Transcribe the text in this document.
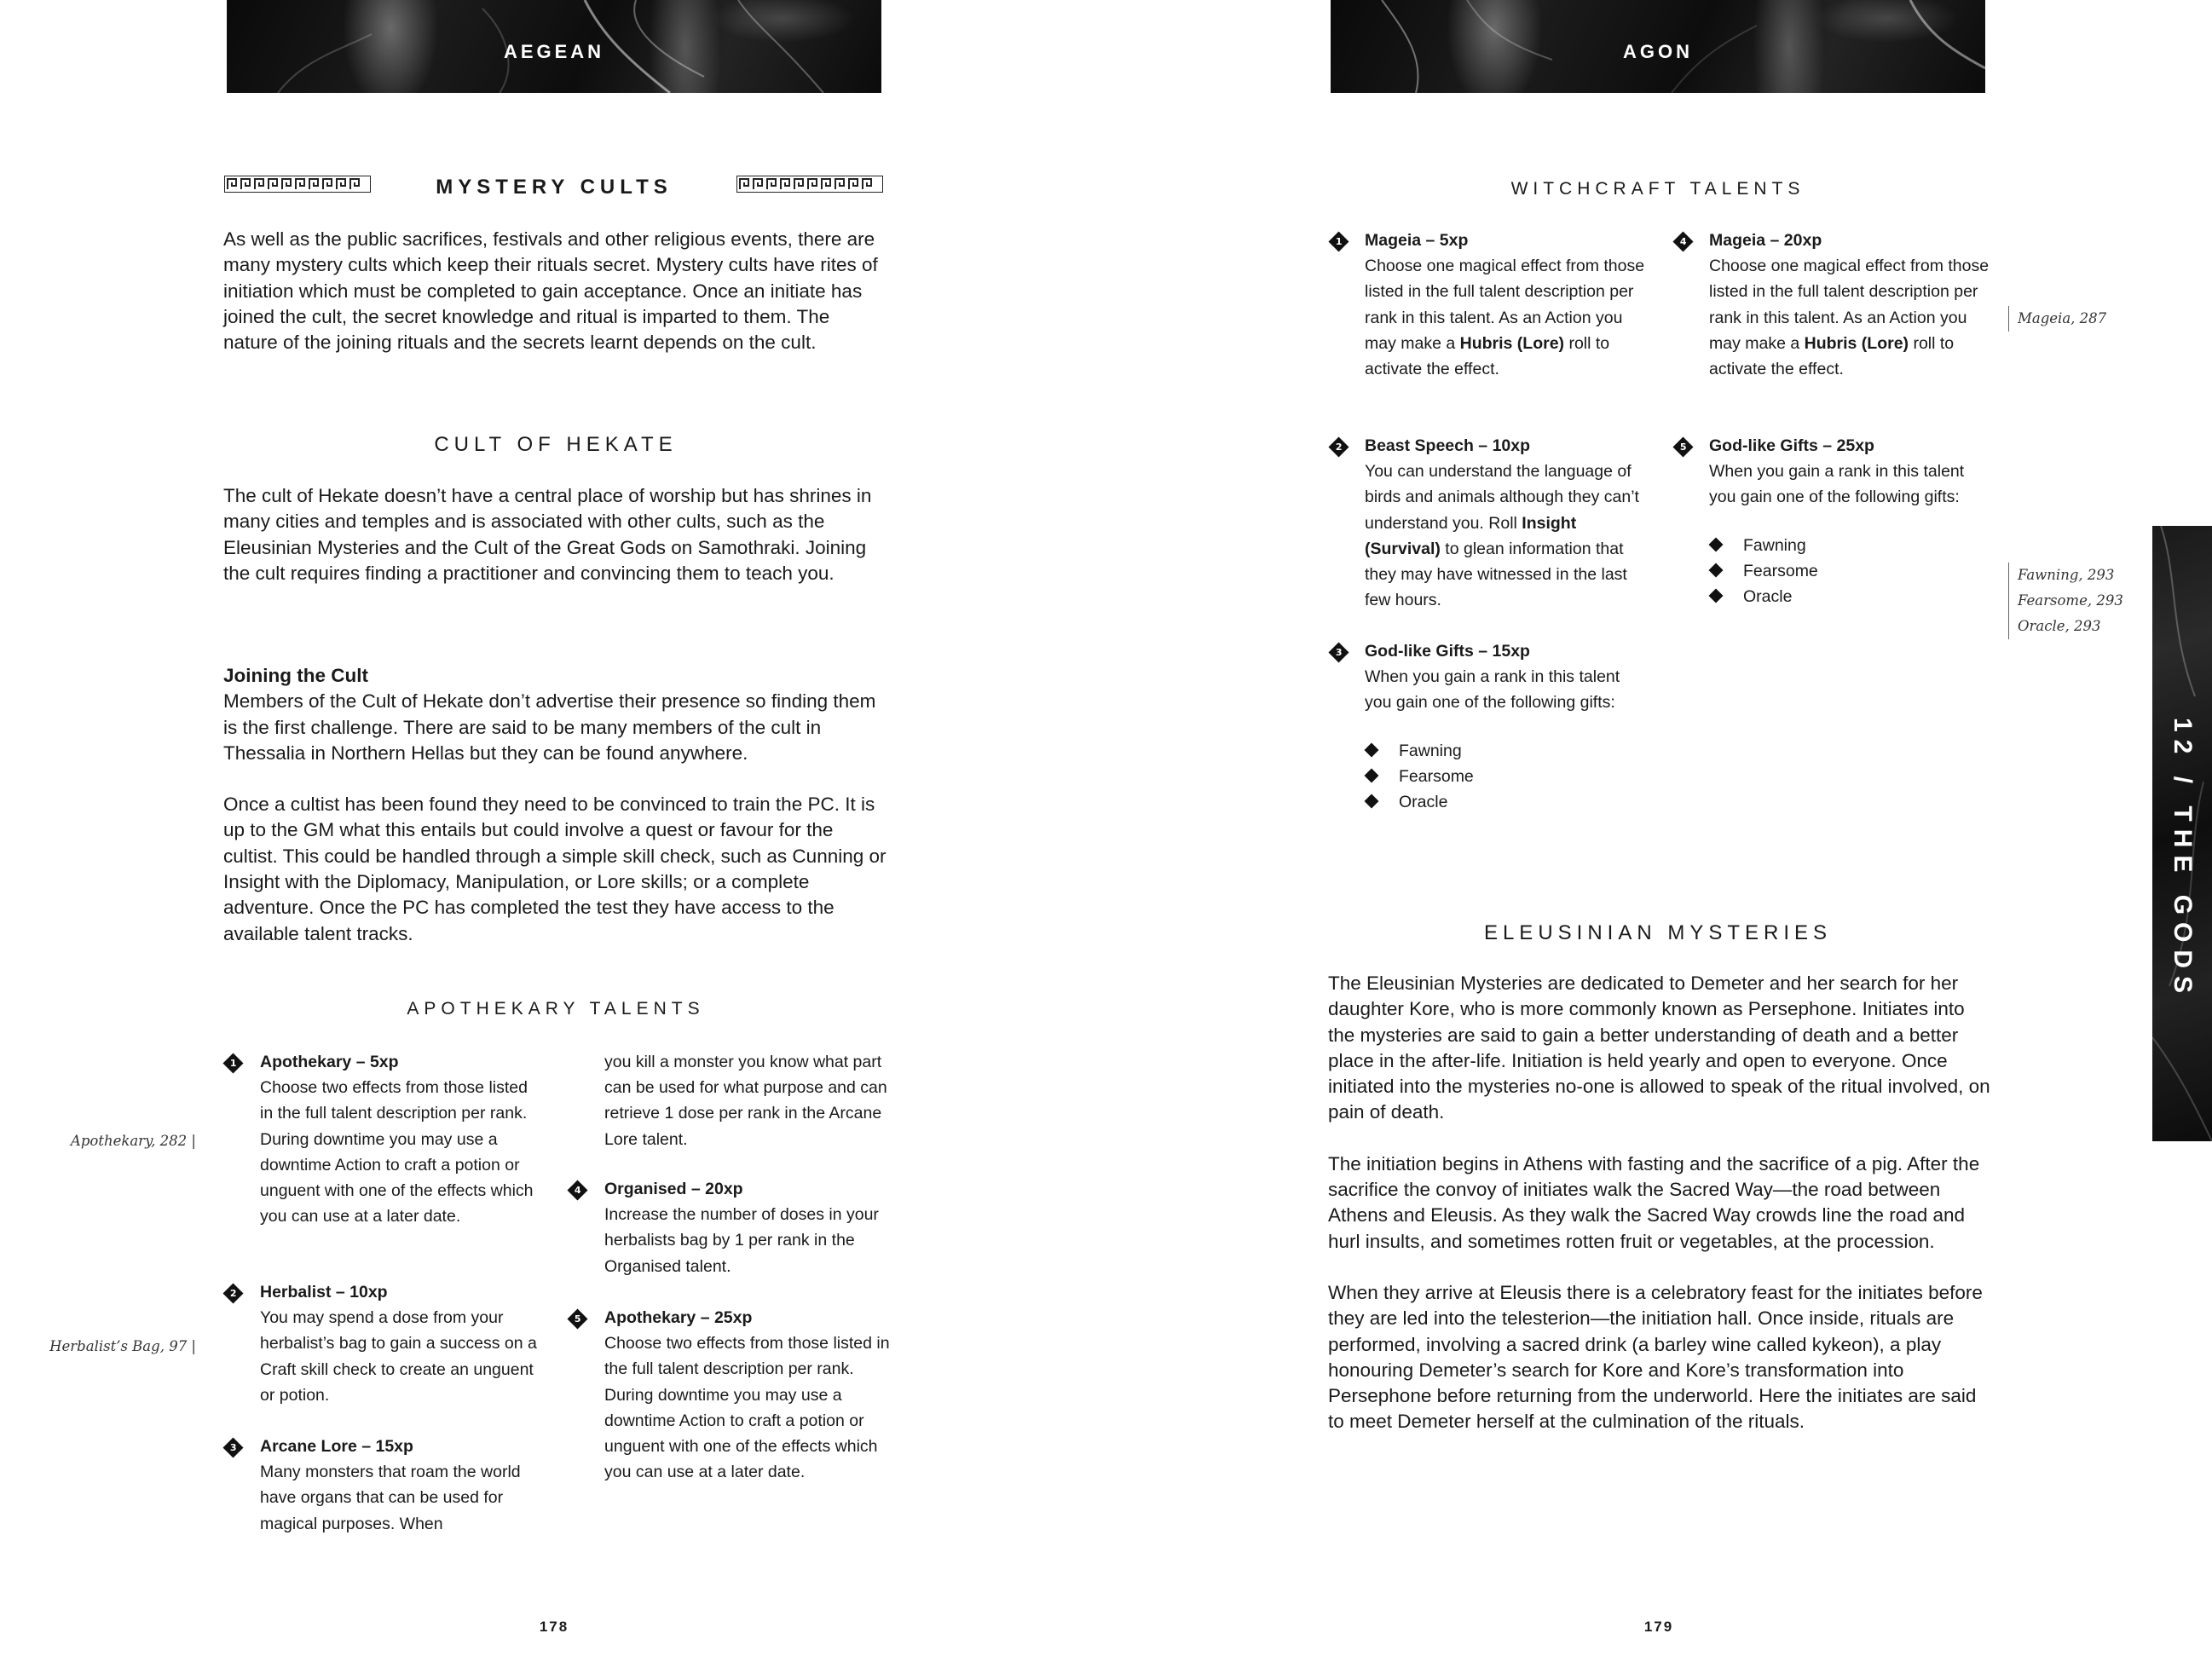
AEGEAN
MYSTERY CULTS

As well as the public sacrifices, festivals and other religious events, there are many mystery cults which keep their rituals secret. Mystery cults have rites of initiation which must be completed to gain acceptance. Once an initiate has joined the cult, the secret knowledge and ritual is imparted to them. The nature of the joining rituals and the secrets learnt depends on the cult.

CULT OF HEKATE

The cult of Hekate doesn’t have a central place of worship but has shrines in many cities and temples and is associated with other cults, such as the Eleusinian Mysteries and the Cult of the Great Gods on Samothraki. Joining the cult requires finding a practitioner and convincing them to teach you.

Joining the Cult

Members of the Cult of Hekate don’t advertise their presence so finding them is the first challenge. There are said to be many members of the cult in Thessalia in Northern Hellas but they can be found anywhere.

Once a cultist has been found they need to be convinced to train the PC. It is up to the GM what this entails but could involve a quest or favour for the cultist. This could be handled through a simple skill check, such as Cunning or Insight with the Diplomacy, Manipulation, or Lore skills; or a complete adventure. Once the PC has completed the test they have access to the available talent tracks.

APOTHEKARY TALENTS
1 Apothekary – 5xp
Choose two effects from those listed in the full talent description per rank. During downtime you may use a downtime Action to craft a potion or unguent with one of the effects which you can use at a later date.
2 Herbalist – 10xp
You may spend a dose from your herbalist’s bag to gain a success on a Craft skill check to create an unguent or potion.
3 Arcane Lore – 15xp
Many monsters that roam the world have organs that can be used for magical purposes. When
you kill a monster you know what part can be used for what purpose and can retrieve 1 dose per rank in the Arcane Lore talent.
4 Organised – 20xp
Increase the number of doses in your herbalists bag by 1 per rank in the Organised talent.
5 Apothekary – 25xp
Choose two effects from those listed in the full talent description per rank. During downtime you may use a downtime Action to craft a potion or unguent with one of the effects which you can use at a later date.
Apothekary, 282 |
Herbalist’s Bag, 97 |
178
AGON
WITCHCRAFT TALENTS
1 Mageia – 5xp
Choose one magical effect from those listed in the full talent description per rank in this talent. As an Action you may make a Hubris (Lore) roll to activate the effect.
2 Beast Speech – 10xp
You can understand the language of birds and animals although they can’t understand you. Roll Insight (Survival) to glean information that they may have witnessed in the last few hours.
3 God-like Gifts – 15xp
When you gain a rank in this talent you gain one of the following gifts:
Fawning
Fearsome
Oracle
4 Mageia – 20xp
Choose one magical effect from those listed in the full talent description per rank in this talent. As an Action you may make a Hubris (Lore) roll to activate the effect.
5 God-like Gifts – 25xp
When you gain a rank in this talent you gain one of the following gifts:
Fawning
Fearsome
Oracle
Mageia, 287
Fawning, 293
Fearsome, 293
Oracle, 293
ELEUSINIAN MYSTERIES

The Eleusinian Mysteries are dedicated to Demeter and her search for her daughter Kore, who is more commonly known as Persephone. Initiates into the mysteries are said to gain a better understanding of death and a better place in the after-life. Initiation is held yearly and open to everyone. Once initiated into the mysteries no-one is allowed to speak of the ritual involved, on pain of death.

The initiation begins in Athens with fasting and the sacrifice of a pig. After the sacrifice the convoy of initiates walk the Sacred Way—the road between Athens and Eleusis. As they walk the Sacred Way crowds line the road and hurl insults, and sometimes rotten fruit or vegetables, at the procession.

When they arrive at Eleusis there is a celebratory feast for the initiates before they are led into the telesterion—the initiation hall. Once inside, rituals are performed, involving a sacred drink (a barley wine called kykeon), a play honouring Demeter’s search for Kore and Kore’s transformation into Persephone before returning from the underworld. Here the initiates are said to meet Demeter herself at the culmination of the rituals.

179
12 / THE GODS
